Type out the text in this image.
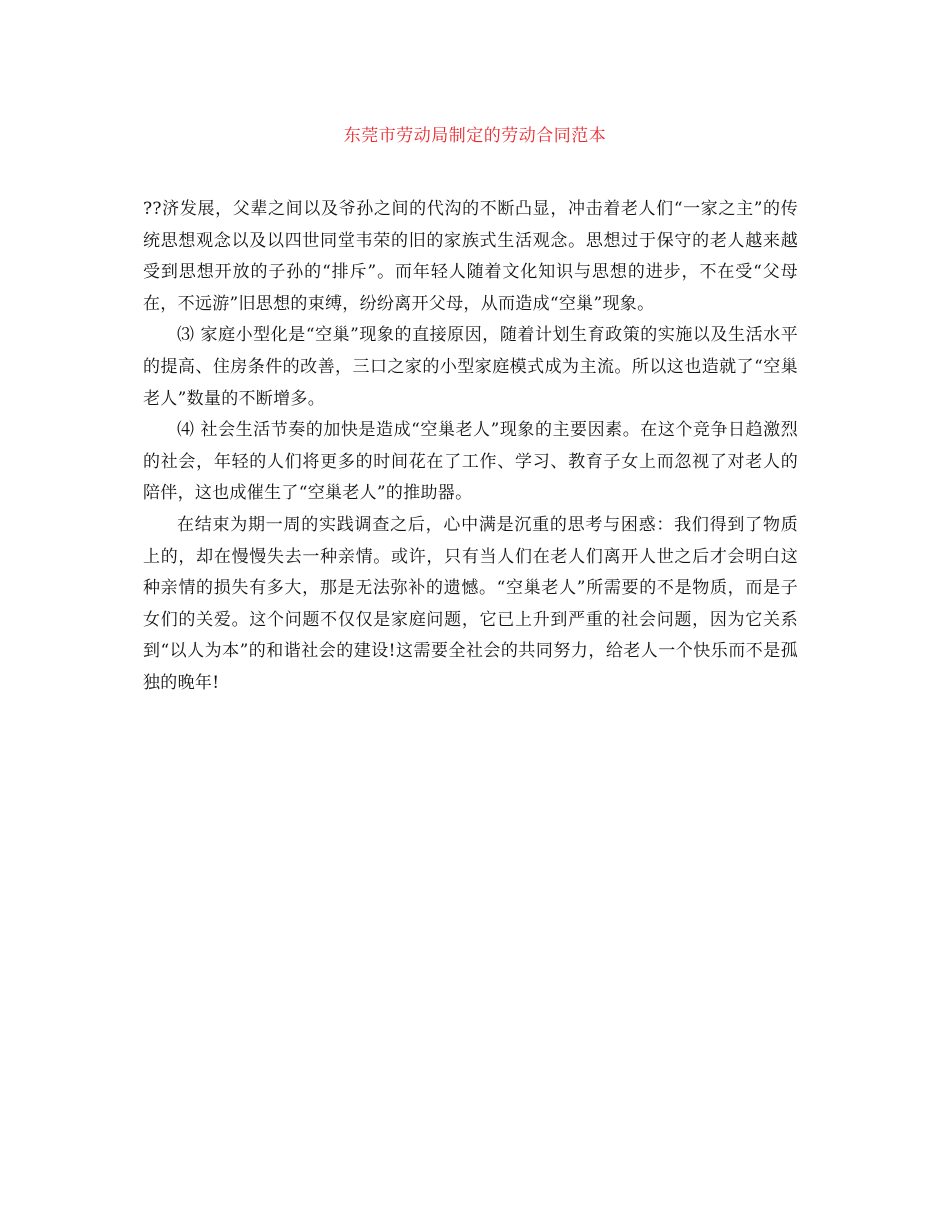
东莞市劳动局制定的劳动合同范本

??济发展，父辈之间以及爷孙之间的代沟的不断凸显，冲击着老人们“一家之主”的传统思想观念以及以四世同堂韦荣的旧的家族式生活观念。思想过于保守的老人越来越受到思想开放的子孙的“排斥”。而年轻人随着文化知识与思想的进步，不在受“父母在，不远游”旧思想的束缚，纷纷离开父母，从而造成“空巢”现象。

⑶ 家庭小型化是“空巢”现象的直接原因，随着计划生育政策的实施以及生活水平的提高、住房条件的改善，三口之家的小型家庭模式成为主流。所以这也造就了“空巢老人”数量的不断增多。

⑷ 社会生活节奏的加快是造成“空巢老人”现象的主要因素。在这个竞争日趋激烈的社会，年轻的人们将更多的时间花在了工作、学习、教育子女上而忽视了对老人的陪伴，这也成催生了“空巢老人”的推助器。

在结束为期一周的实践调查之后，心中满是沉重的思考与困惑：我们得到了物质上的，却在慢慢失去一种亲情。或许，只有当人们在老人们离开人世之后才会明白这种亲情的损失有多大，那是无法弥补的遗憾。“空巢老人”所需要的不是物质，而是子女们的关爱。这个问题不仅仅是家庭问题，它已上升到严重的社会问题，因为它关系到“以人为本”的和谐社会的建设!这需要全社会的共同努力，给老人一个快乐而不是孤独的晚年!
